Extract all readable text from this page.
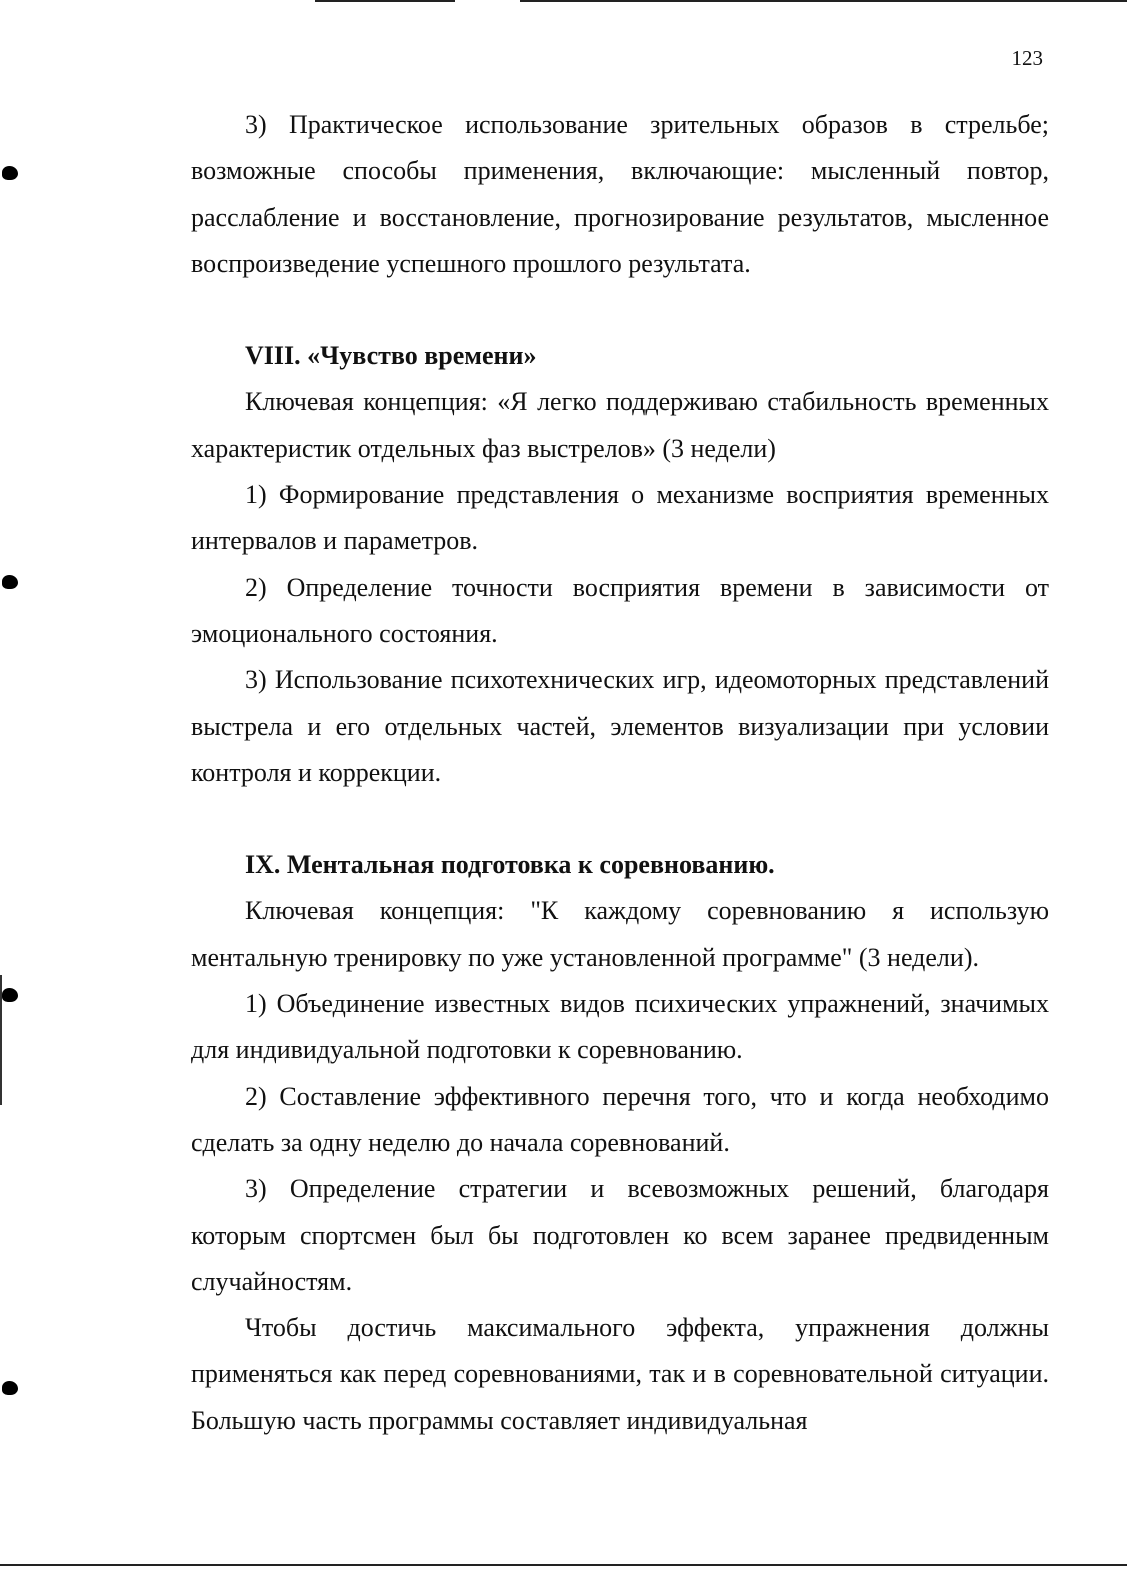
123

3) Практическое использование зрительных образов в стрельбе; возможные способы применения, включающие: мысленный повтор, расслабление и восстановление, прогнозирование результатов, мысленное воспроизведение успешного прошлого результата.

VIII. «Чувство времени»

Ключевая концепция: «Я легко поддерживаю стабильность временных характеристик отдельных фаз выстрелов» (3 недели)

1) Формирование представления о механизме восприятия временных интервалов и параметров.

2) Определение точности восприятия времени в зависимости от эмоционального состояния.

3) Использование психотехнических игр, идеомоторных представлений выстрела и его отдельных частей, элементов визуализации при условии контроля и коррекции.

IX. Ментальная подготовка к соревнованию.

Ключевая концепция: "К каждому соревнованию я использую ментальную тренировку по уже установленной программе" (3 недели).

1) Объединение известных видов психических упражнений, значимых для индивидуальной подготовки к соревнованию.

2) Составление эффективного перечня того, что и когда необходимо сделать за одну неделю до начала соревнований.

3) Определение стратегии и всевозможных решений, благодаря которым спортсмен был бы подготовлен ко всем заранее предвиденным случайностям.

Чтобы достичь максимального эффекта, упражнения должны применяться как перед соревнованиями, так и в соревновательной ситуации. Большую часть программы составляет индивидуальная
